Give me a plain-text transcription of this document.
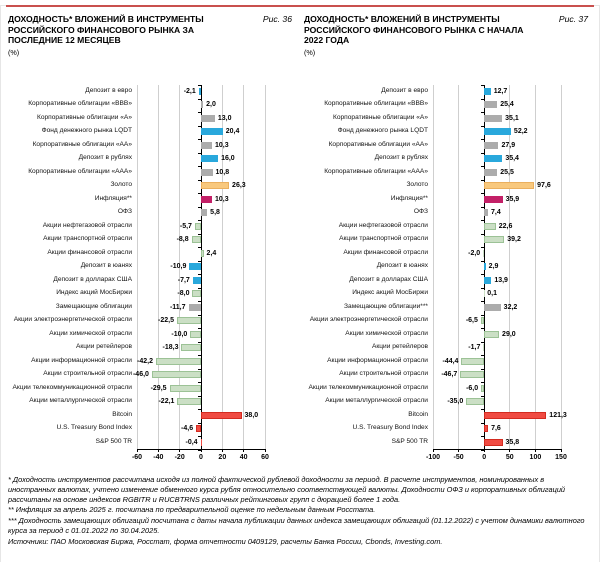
ДОХОДНОСТЬ* ВЛОЖЕНИЙ В ИНСТРУМЕНТЫ РОССИЙСКОГО ФИНАНСОВОГО РЫНКА ЗА ПОСЛЕДНИЕ 12 МЕСЯЦЕВ
Рис. 36
(%)
Депозит в евро	-2,1
Корпоративные облигации «ВВВ»	2,0
Корпоративные облигации «А»	13,0
Фонд денежного рынка LQDT	20,4
Корпоративные облигации «АА»	10,3
Депозит в рублях	16,0
Корпоративные облигации «ААА»	10,8
Золото	26,3
Инфляция**	10,3
ОФЗ	5,8
Акции нефтегазовой отрасли	-5,7
Акции транспортной отрасли	-8,8
Акции финансовой отрасли	2,4
Депозит в юанях	-10,9
Депозит в долларах США	-7,7
Индекс акций МосБиржи	-8,0
Замещающие облигации	-11,7
Акции электроэнергетической отрасли	-22,5
Акции химической отрасли	-10,0
Акции ретейлеров	-18,3
Акции информационной отрасли -42,2
Акции строительной отрасли -46,0
Акции телекоммуникационной отрасли	-29,5
Акции металлургической отрасли	-22,1
Bitcoin	38,0
U.S. Treasury Bond Index	-4,6
S&P 500 TR	-0,4
-60 -40 -20 0 20 40 60
ДОХОДНОСТЬ* ВЛОЖЕНИЙ В ИНСТРУМЕНТЫ РОССИЙСКОГО ФИНАНСОВОГО РЫНКА С НАЧАЛА 2022 ГОДА
Рис. 37
(%)
Депозит в евро	12,7
Корпоративные облигации «ВВВ»	25,4
Корпоративные облигации «А»	35,1
Фонд денежного рынка LQDT	52,2
Корпоративные облигации «АА»	27,9
Депозит в рублях	35,4
Корпоративные облигации «ААА»	25,5
Золото	97,6
Инфляция**	35,9
ОФЗ	7,4
Акции нефтегазовой отрасли	22,6
Акции транспортной отрасли	39,2
Акции финансовой отрасли	-2,0
Депозит в юанях	2,9
Депозит в долларах США	13,9
Индекс акций МосБиржи	0,1
Замещающие облигации***	32,2
Акции электроэнергетической отрасли	-6,5
Акции химической отрасли	29,0
Акции ретейлеров	-1,7
Акции информационной отрасли	-44,4
Акции строительной отрасли	-46,7
Акции телекоммуникационной отрасли	-6,0
Акции металлургической отрасли	-35,0
Bitcoin	121,3
U.S. Treasury Bond Index	7,6
S&P 500 TR	35,8
-100 -50	0	50 100 150

* Доходность инструментов рассчитана исходя из полной фактической рублевой доходности за период. В расчете инструментов, номинированных в иностранных валютах, учтено изменение обменного курса рубля относительно соответствующей валюты. Доходности ОФЗ и корпоративных облигаций рассчитаны на основе индексов RGBITR и RUCBTRNS различных рейтинговых групп с дюрацией более 1 года.

** Инфляция за апрель 2025 г. посчитана по предварительной оценке по недельным данным Росстата.

*** Доходность замещающих облигаций посчитана с даты начала публикации данных индекса замещающих облигаций (01.12.2022) с учетом динамики валютного курса за период с 01.01.2022 по 30.04.2025.

Источники: ПАО Московская Биржа, Росстат, форма отчетности 0409129, расчеты Банка России, Cbonds, Investing.com.
